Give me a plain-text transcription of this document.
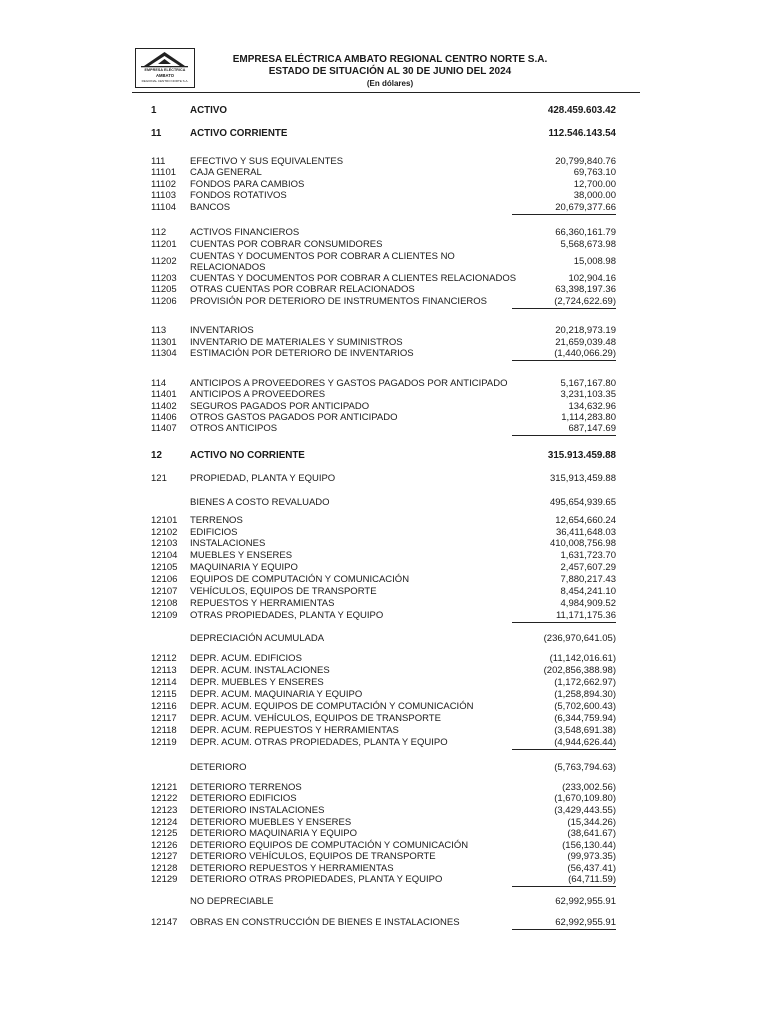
EMPRESA ELÉCTRICA
AMBATO
REGIONAL CENTRO NORTE S.A.
EMPRESA ELÉCTRICA AMBATO REGIONAL CENTRO NORTE S.A.
ESTADO DE SITUACIÓN AL 30 DE JUNIO DEL 2024
(En dólares)
1	ACTIVO	428.459.603.42
11	ACTIVO CORRIENTE	112.546.143.54
111	EFECTIVO Y SUS EQUIVALENTES	20,799,840.76
11101 CAJA GENERAL	69,763.10
11102 FONDOS PARA CAMBIOS	12,700.00
11103 FONDOS ROTATIVOS	38,000.00
11104 BANCOS	20,679,377.66
112	ACTIVOS FINANCIEROS	66,360,161.79
11201 CUENTAS POR COBRAR CONSUMIDORES	5,568,673.98
11202 CUENTAS Y DOCUMENTOS POR COBRAR A CLIENTES NO
RELACIONADOS
15,008.98
11203 CUENTAS Y DOCUMENTOS POR COBRAR A CLIENTES RELACIONADOS	102,904.16
11205 OTRAS CUENTAS POR COBRAR RELACIONADOS	63,398,197.36
11206 PROVISIÓN POR DETERIORO DE INSTRUMENTOS FINANCIEROS	(2,724,622.69)
113	INVENTARIOS	20,218,973.19
11301 INVENTARIO DE MATERIALES Y SUMINISTROS	21,659,039.48
11304 ESTIMACIÓN POR DETERIORO DE INVENTARIOS	(1,440,066.29)
114	ANTICIPOS A PROVEEDORES Y GASTOS PAGADOS POR ANTICIPADO	5,167,167.80
11401 ANTICIPOS A PROVEEDORES	3,231,103.35
11402 SEGUROS PAGADOS POR ANTICIPADO	134,632.96
11406 OTROS GASTOS PAGADOS POR ANTICIPADO	1,114,283.80
11407 OTROS ANTICIPOS	687,147.69
12	ACTIVO NO CORRIENTE	315.913.459.88
121 PROPIEDAD, PLANTA Y EQUIPO	315,913,459.88
BIENES A COSTO REVALUADO	495,654,939.65
12101 TERRENOS	12,654,660.24
12102 EDIFICIOS	36,411,648.03
12103 INSTALACIONES	410,008,756.98
12104 MUEBLES Y ENSERES	1,631,723.70
12105 MAQUINARIA Y EQUIPO	2,457,607.29
12106 EQUIPOS DE COMPUTACIÓN Y COMUNICACIÓN	7,880,217.43
12107 VEHÍCULOS, EQUIPOS DE TRANSPORTE	8,454,241.10
12108 REPUESTOS Y HERRAMIENTAS	4,984,909.52
12109 OTRAS PROPIEDADES, PLANTA Y EQUIPO	11,171,175.36
DEPRECIACIÓN ACUMULADA	(236,970,641.05)
12112 DEPR. ACUM. EDIFICIOS	(11,142,016.61)
12113 DEPR. ACUM. INSTALACIONES	(202,856,388.98)
12114 DEPR. MUEBLES Y ENSERES	(1,172,662.97)
12115 DEPR. ACUM. MAQUINARIA Y EQUIPO	(1,258,894.30)
12116 DEPR. ACUM. EQUIPOS DE COMPUTACIÓN Y COMUNICACIÓN	(5,702,600.43)
12117 DEPR. ACUM. VEHÍCULOS, EQUIPOS DE TRANSPORTE	(6,344,759.94)
12118 DEPR. ACUM. REPUESTOS Y HERRAMIENTAS	(3,548,691.38)
12119 DEPR. ACUM. OTRAS PROPIEDADES, PLANTA Y EQUIPO	(4,944,626.44)
DETERIORO	(5,763,794.63)
12121 DETERIORO TERRENOS	(233,002.56)
12122 DETERIORO EDIFICIOS	(1,670,109.80)
12123 DETERIORO INSTALACIONES	(3,429,443.55)
12124 DETERIORO MUEBLES Y ENSERES	(15,344.26)
12125 DETERIORO MAQUINARIA Y EQUIPO	(38,641.67)
12126 DETERIORO EQUIPOS DE COMPUTACIÓN Y COMUNICACIÓN	(156,130.44)
12127 DETERIORO VEHÍCULOS, EQUIPOS DE TRANSPORTE	(99,973.35)
12128 DETERIORO REPUESTOS Y HERRAMIENTAS	(56,437.41)
12129 DETERIORO OTRAS PROPIEDADES, PLANTA Y EQUIPO	(64,711.59)
NO DEPRECIABLE	62,992,955.91
12147 OBRAS EN CONSTRUCCIÓN DE BIENES E INSTALACIONES	62,992,955.91
